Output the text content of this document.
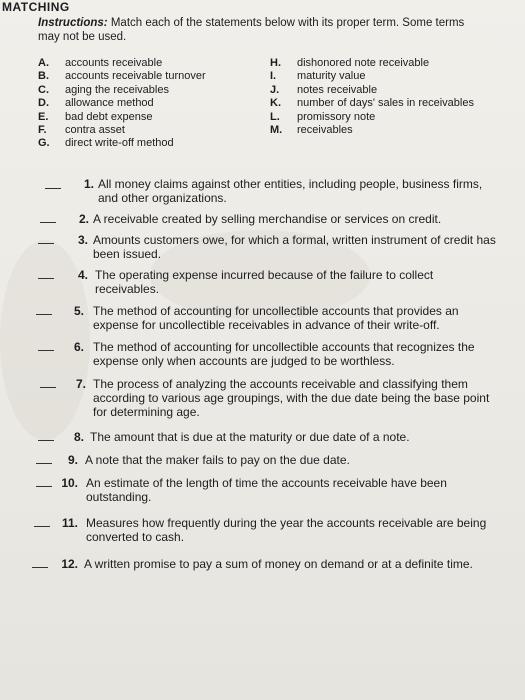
MATCHING
Instructions: Match each of the statements below with its proper term. Some terms may not be used.
A.	accounts receivable
B.	accounts receivable turnover
C.	aging the receivables
D.	allowance method
E.	bad debt expense
F.	contra asset
G.	direct write-off method
H.	dishonored note receivable
I.	maturity value
J.	notes receivable
K.	number of days' sales in receivables
L.	promissory note
M.	receivables
1. All money claims against other entities, including people, business firms, and other organizations.
2. A receivable created by selling merchandise or services on credit.
3. Amounts customers owe, for which a formal, written instrument of credit has been issued.
4. The operating expense incurred because of the failure to collect receivables.
5. The method of accounting for uncollectible accounts that provides an expense for uncollectible receivables in advance of their write-off.
6. The method of accounting for uncollectible accounts that recognizes the expense only when accounts are judged to be worthless.
7. The process of analyzing the accounts receivable and classifying them according to various age groupings, with the due date being the base point for determining age.
8. The amount that is due at the maturity or due date of a note.
9. A note that the maker fails to pay on the due date.
10. An estimate of the length of time the accounts receivable have been outstanding.
11. Measures how frequently during the year the accounts receivable are being converted to cash.
12. A written promise to pay a sum of money on demand or at a definite time.
